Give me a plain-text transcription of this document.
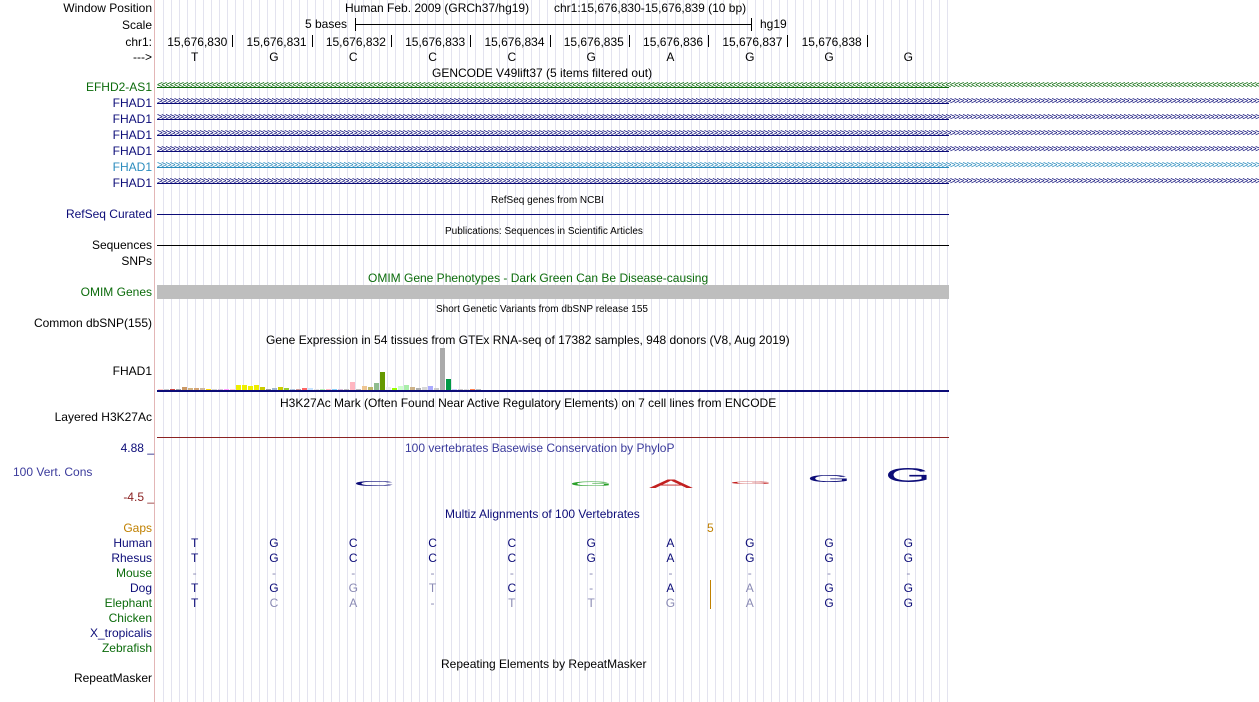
Window Position	Human Feb. 2009 (GRCh37/hg19) chr1:15,676,830-15,676,839 (10 bp)
Scale	5 bases	hg19
chr1:	15,676,830	15,676,831	15,676,832	15,676,833	15,676,834	15,676,835	15,676,836	15,676,837	15,676,838
--->	T	G	C	C	C	G	A	G	G	G
GENCODE V49lift37 (5 items filtered out)
EFHD2-AS1 <<<<<<<<<<<<<<<<<<<<<<<<<<<<<<<<<<<<<<<<<<<<<<<<<<<<<<<<<<<<<<<<<<<<<<<<<<<<<<<<<<<<<<<<<<<<<<<<<<<<<<<<<<<<<<<<<<<<<<<<<<<<<<<<<<<<<<<<<<<<<<<<<<<<<<<<<<<<<<<<<<<<<<<<<<<<<<<<<<<<<<<<<<<<<<<<<<<<<<<<<<<<<<<<<<<<<<<<<<<<<<<<<<<<<<<<<<<<<<<<<<<<<<<<<<<<<<<<<<<<
FHAD1 >>>>>>>>>>>>>>>>>>>>>>>>>>>>>>>>>>>>>>>>>>>>>>>>>>>>>>>>>>>>>>>>>>>>>>>>>>>>>>>>>>>>>>>>>>>>>>>>>>>>>>>>>>>>>>>>>>>>>>>>>>>>>>>>>>>>>>>>>>>>>>>>>>>>>>>>>>>>>>>>>>>>>>>>>>>>>>>>>>>>>>>>>>>>>>>>>>>>>>>>>>>>>>>>>>>>>>>>>>>>>>>>>>>>>>>>>>>>>>>>>>>>>>>>>>>>>>>>>>>>
FHAD1 >>>>>>>>>>>>>>>>>>>>>>>>>>>>>>>>>>>>>>>>>>>>>>>>>>>>>>>>>>>>>>>>>>>>>>>>>>>>>>>>>>>>>>>>>>>>>>>>>>>>>>>>>>>>>>>>>>>>>>>>>>>>>>>>>>>>>>>>>>>>>>>>>>>>>>>>>>>>>>>>>>>>>>>>>>>>>>>>>>>>>>>>>>>>>>>>>>>>>>>>>>>>>>>>>>>>>>>>>>>>>>>>>>>>>>>>>>>>>>>>>>>>>>>>>>>>>>>>>>>>
FHAD1 >>>>>>>>>>>>>>>>>>>>>>>>>>>>>>>>>>>>>>>>>>>>>>>>>>>>>>>>>>>>>>>>>>>>>>>>>>>>>>>>>>>>>>>>>>>>>>>>>>>>>>>>>>>>>>>>>>>>>>>>>>>>>>>>>>>>>>>>>>>>>>>>>>>>>>>>>>>>>>>>>>>>>>>>>>>>>>>>>>>>>>>>>>>>>>>>>>>>>>>>>>>>>>>>>>>>>>>>>>>>>>>>>>>>>>>>>>>>>>>>>>>>>>>>>>>>>>>>>>>>
FHAD1 >>>>>>>>>>>>>>>>>>>>>>>>>>>>>>>>>>>>>>>>>>>>>>>>>>>>>>>>>>>>>>>>>>>>>>>>>>>>>>>>>>>>>>>>>>>>>>>>>>>>>>>>>>>>>>>>>>>>>>>>>>>>>>>>>>>>>>>>>>>>>>>>>>>>>>>>>>>>>>>>>>>>>>>>>>>>>>>>>>>>>>>>>>>>>>>>>>>>>>>>>>>>>>>>>>>>>>>>>>>>>>>>>>>>>>>>>>>>>>>>>>>>>>>>>>>>>>>>>>>>
FHAD1 >>>>>>>>>>>>>>>>>>>>>>>>>>>>>>>>>>>>>>>>>>>>>>>>>>>>>>>>>>>>>>>>>>>>>>>>>>>>>>>>>>>>>>>>>>>>>>>>>>>>>>>>>>>>>>>>>>>>>>>>>>>>>>>>>>>>>>>>>>>>>>>>>>>>>>>>>>>>>>>>>>>>>>>>>>>>>>>>>>>>>>>>>>>>>>>>>>>>>>>>>>>>>>>>>>>>>>>>>>>>>>>>>>>>>>>>>>>>>>>>>>>>>>>>>>>>>>>>>>>>
FHAD1 >>>>>>>>>>>>>>>>>>>>>>>>>>>>>>>>>>>>>>>>>>>>>>>>>>>>>>>>>>>>>>>>>>>>>>>>>>>>>>>>>>>>>>>>>>>>>>>>>>>>>>>>>>>>>>>>>>>>>>>>>>>>>>>>>>>>>>>>>>>>>>>>>>>>>>>>>>>>>>>>>>>>>>>>>>>>>>>>>>>>>>>>>>>>>>>>>>>>>>>>>>>>>>>>>>>>>>>>>>>>>>>>>>>>>>>>>>>>>>>>>>>>>>>>>>>>>>>>>>>>
RefSeq genes from NCBI
RefSeq Curated
Publications: Sequences in Scientific Articles
Sequences
SNPs
OMIM Gene Phenotypes - Dark Green Can Be Disease-causing
OMIM Genes
Short Genetic Variants from dbSNP release 155
Common dbSNP(155)
Gene Expression in 54 tissues from GTEx RNA-seq of 17382 samples, 948 donors (V8, Aug 2019)
FHAD1
H3K27Ac Mark (Often Found Near Active Regulatory Elements) on 7 cell lines from ENCODE
Layered H3K27Ac
4.88 _	100 vertebrates Basewise Conservation by PhyloP
100 Vert. Cons
-4.5 _
C	G	A	G	G G
Multiz Alignments of 100 Vertebrates
Gaps	5
Human	T	G	C	C	C	G	A	G	G	G
Rhesus	T	G	C	C	C	G	A	G	G	G
Mouse	-	-	-	-	-	-	-	-	-	-
Dog	T	G	G	T	C	-	A	A	G	G
Elephant	T	C	A	-	T	T	G	A	G	G
Chicken
X_tropicalis
Zebrafish
Repeating Elements by RepeatMasker
RepeatMasker
